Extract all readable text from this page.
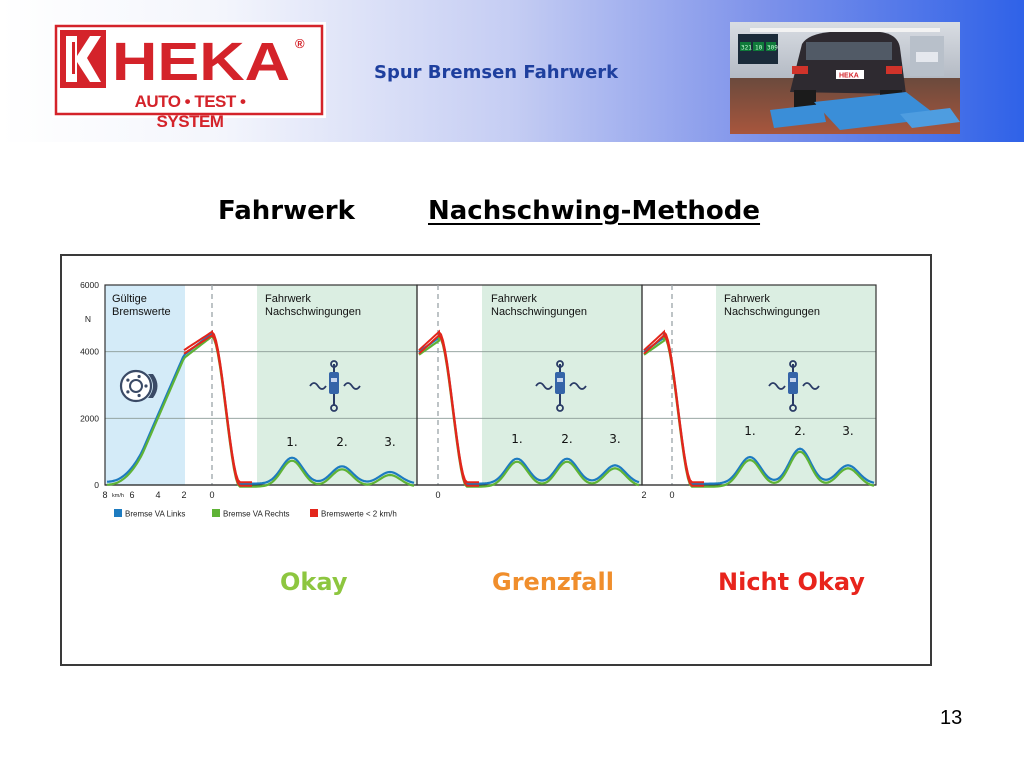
HEKA ®
AUTO • TEST • SYSTEM
Spur Bremsen Fahrwerk
321 10 309
HEKA
Fahrwerk	Nachschwing-Methode
6000
4000
2000
0
N
8 6 4 2	0
km/h	0	2	0
Gültige
Bremswerte
Fahrwerk
Nachschwingungen
Fahrwerk
Nachschwingungen
Fahrwerk
Nachschwingungen
1.	2.	3.	1.	2.	3.
1.	2.	3.
Bremse VA Links	Bremse VA Rechts	Bremswerte < 2 km/h
Okay	Grenzfall	Nicht Okay
13
